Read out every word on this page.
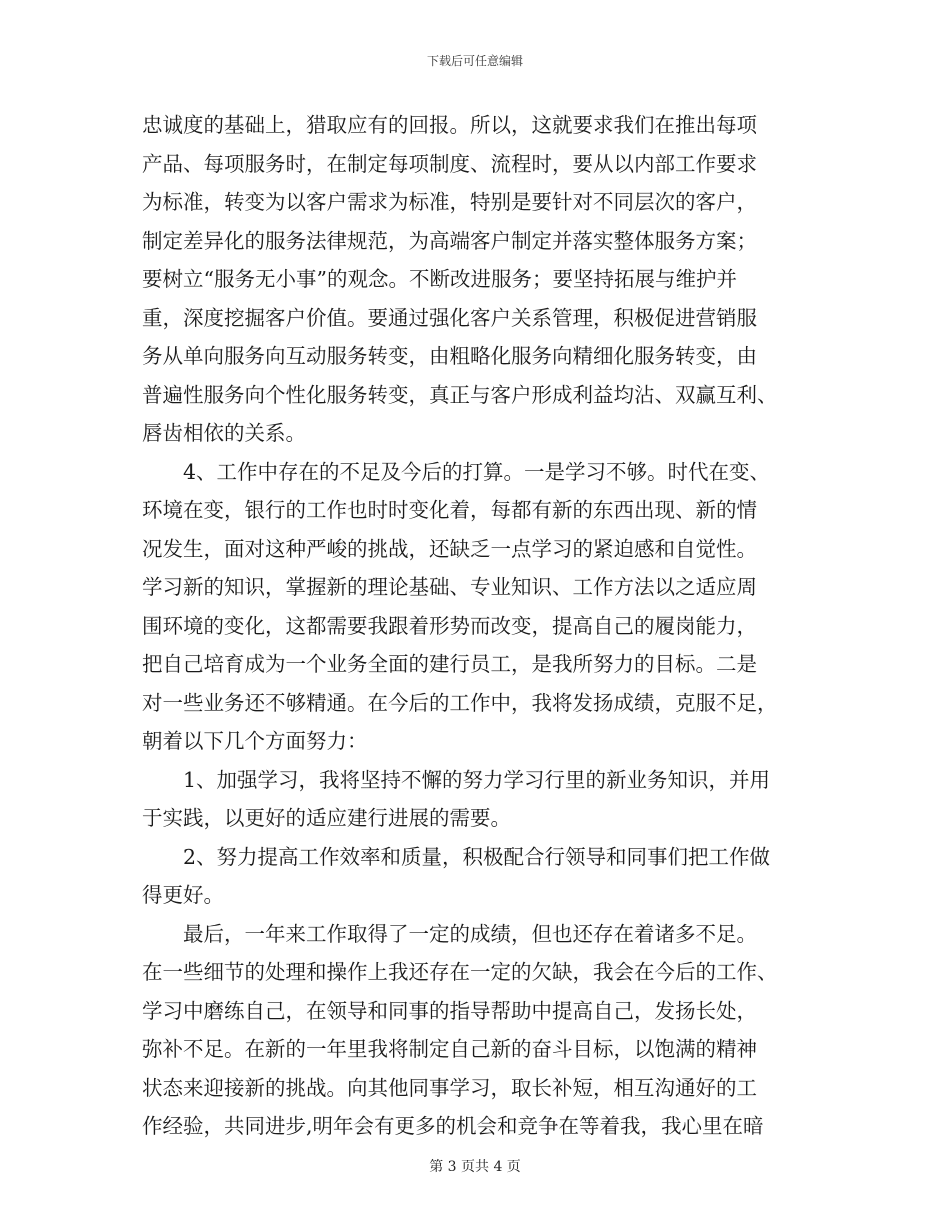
下载后可任意编辑
忠诚度的基础上，猎取应有的回报。所以，这就要求我们在推出每项
产品、每项服务时，在制定每项制度、流程时，要从以内部工作要求
为标准，转变为以客户需求为标准，特别是要针对不同层次的客户，
制定差异化的服务法律规范，为高端客户制定并落实整体服务方案；
要树立“服务无小事”的观念。不断改进服务；要坚持拓展与维护并
重，深度挖掘客户价值。要通过强化客户关系管理，积极促进营销服
务从单向服务向互动服务转变，由粗略化服务向精细化服务转变，由
普遍性服务向个性化服务转变，真正与客户形成利益均沾、双赢互利、
唇齿相依的关系。
　　4、工作中存在的不足及今后的打算。一是学习不够。时代在变、
环境在变，银行的工作也时时变化着，每都有新的东西出现、新的情
况发生，面对这种严峻的挑战，还缺乏一点学习的紧迫感和自觉性。
学习新的知识，掌握新的理论基础、专业知识、工作方法以之适应周
围环境的变化，这都需要我跟着形势而改变，提高自己的履岗能力，
把自己培育成为一个业务全面的建行员工，是我所努力的目标。二是
对一些业务还不够精通。在今后的工作中，我将发扬成绩，克服不足，
朝着以下几个方面努力：
　　1、加强学习，我将坚持不懈的努力学习行里的新业务知识，并用
于实践，以更好的适应建行进展的需要。
　　2、努力提高工作效率和质量，积极配合行领导和同事们把工作做
得更好。
　　最后，一年来工作取得了一定的成绩，但也还存在着诸多不足。
在一些细节的处理和操作上我还存在一定的欠缺，我会在今后的工作、
学习中磨练自己，在领导和同事的指导帮助中提高自己，发扬长处，
弥补不足。在新的一年里我将制定自己新的奋斗目标，以饱满的精神
状态来迎接新的挑战。向其他同事学习，取长补短，相互沟通好的工
作经验，共同进步,明年会有更多的机会和竞争在等着我，我心里在暗
第 3 页共 4 页
